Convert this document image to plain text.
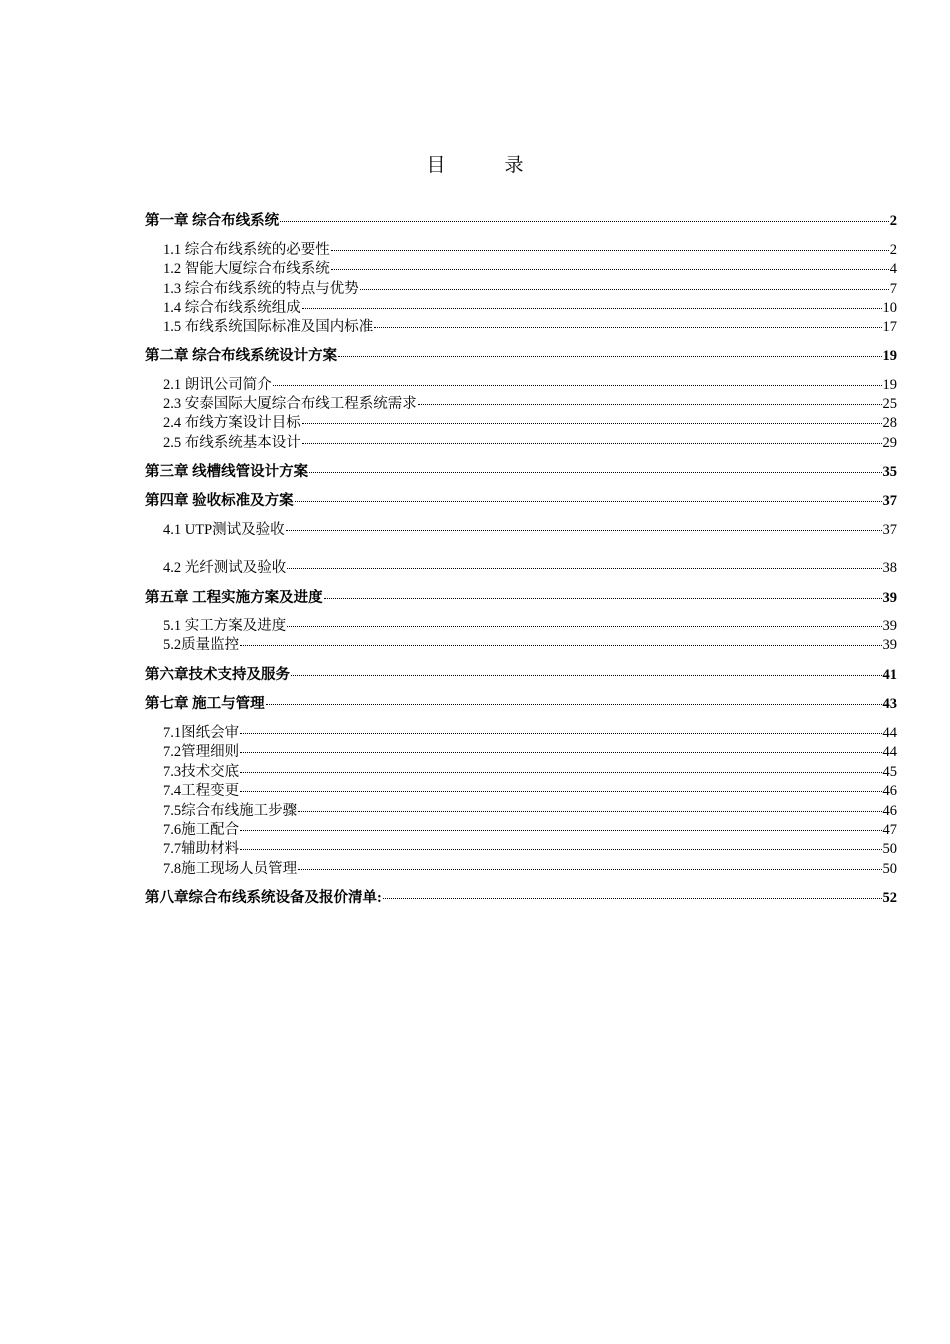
目	录
第一章 综合布线系统	2
1.1 综合布线系统的必要性	2
1.2 智能大厦综合布线系统	4
1.3 综合布线系统的特点与优势	7
1.4 综合布线系统组成	10
1.5 布线系统国际标准及国内标准	17
第二章 综合布线系统设计方案	19
2.1 朗讯公司简介	19
2.3 安泰国际大厦综合布线工程系统需求	25
2.4 布线方案设计目标	28
2.5 布线系统基本设计	29
第三章 线槽线管设计方案	35
第四章 验收标准及方案	37
4.1 UTP测试及验收	37
4.2 光纤测试及验收	38
第五章 工程实施方案及进度	39
5.1 实工方案及进度	39
5.2质量监控	39
第六章技术支持及服务	41
第七章 施工与管理	43
7.1图纸会审	44
7.2管理细则	44
7.3技术交底	45
7.4工程变更	46
7.5综合布线施工步骤	46
7.6施工配合	47
7.7辅助材料	50
7.8施工现场人员管理	50
第八章综合布线系统设备及报价清单:	52
